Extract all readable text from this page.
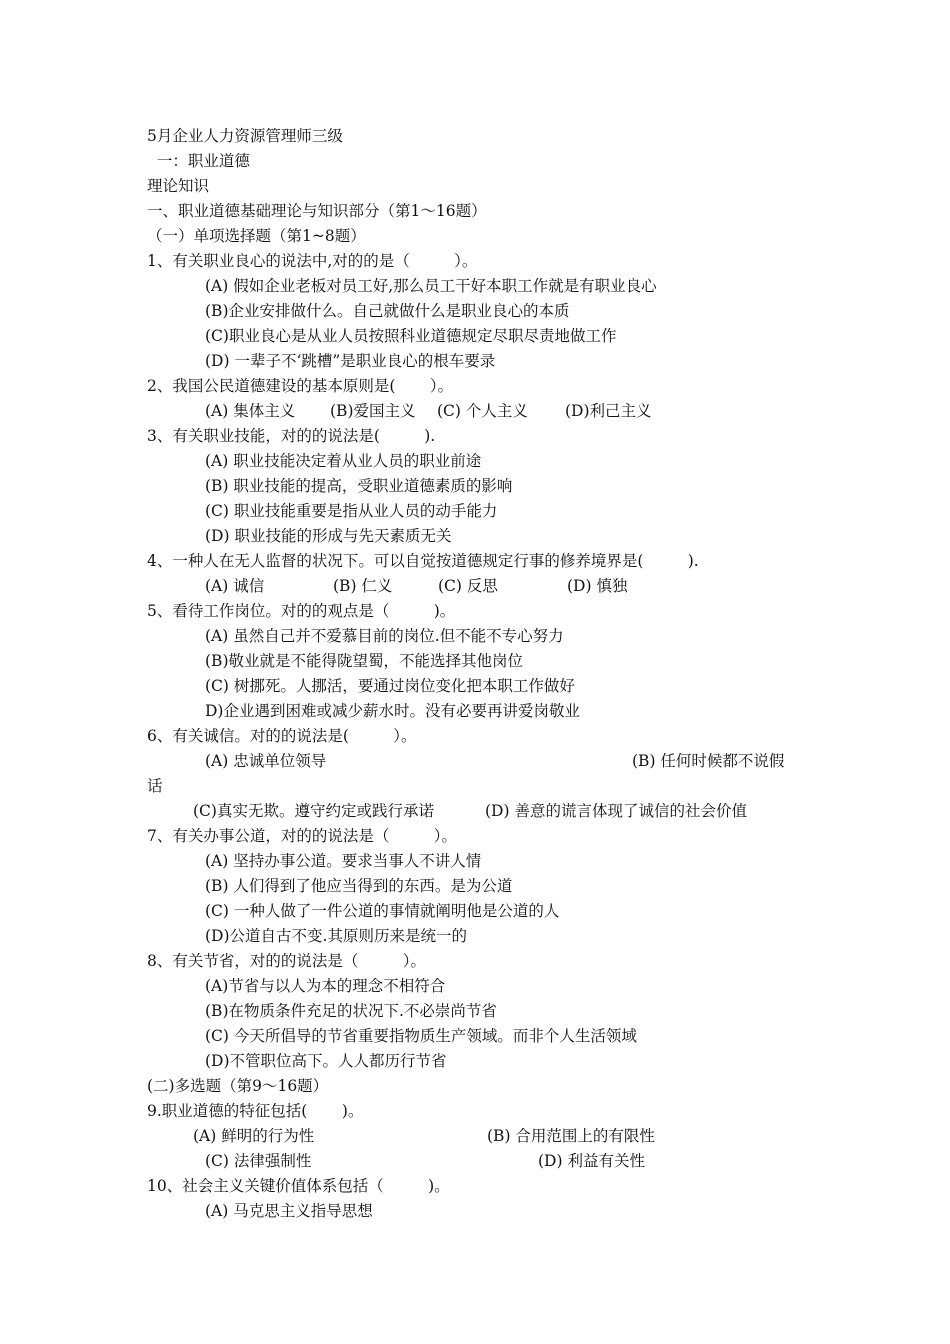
5月企业人力资源管理师三级
一：职业道德
理论知识
一、职业道德基础理论与知识部分（第1～16题）
（一）单项选择题（第1~8题）
1、有关职业良心的说法中,对的的是（         ）。
(A) 假如企业老板对员工好,那么员工干好本职工作就是有职业良心
(B)企业安排做什么。自己就做什么是职业良心的本质
(C)职业良心是从业人员按照科业道德规定尽职尽责地做工作
(D) 一辈子不‘跳槽”是职业良心的根车要录
2、我国公民道德建设的基本原则是(       ）。
(A) 集体主义 (B)爱国主义 (C) 个人主义 (D)利己主义
3、有关职业技能，对的的说法是(         ).
(A) 职业技能决定着从业人员的职业前途
(B) 职业技能的提高，受职业道德素质的影响
(C) 职业技能重要是指从业人员的动手能力
(D) 职业技能的形成与先天素质无关
4、一种人在无人监督的状况下。可以自觉按道德规定行事的修养境界是(         ).
(A) 诚信	(B) 仁义	(C) 反思	(D) 慎独
5、看待工作岗位。对的的观点是（         )。
(A) 虽然自己并不爱慕目前的岗位.但不能不专心努力
(B)敬业就是不能得陇望蜀，不能选择其他岗位
(C) 树挪死。人挪活，要通过岗位变化把本职工作做好
D)企业遇到困难或减少薪水时。没有必要再讲爱岗敬业
6、有关诚信。对的的说法是(         ）。
(A) 忠诚单位领导	(B) 任何时候都不说假
话
(C)真实无欺。遵守约定或践行承诺	(D) 善意的谎言体现了诚信的社会价值
7、有关办事公道，对的的说法是（         ）。
(A) 坚持办事公道。要求当事人不讲人情
(B) 人们得到了他应当得到的东西。是为公道
(C) 一种人做了一件公道的事情就阐明他是公道的人
(D)公道自古不变.其原则历来是统一的
8、有关节省，对的的说法是（         ）。
(A)节省与以人为本的理念不相符合
(B)在物质条件充足的状况下.不必崇尚节省
(C) 今天所倡导的节省重要指物质生产领域。而非个人生活领域
(D)不管职位高下。人人都历行节省
(二)多选题（第9～16题）
9.职业道德的特征包括(       )。
(A) 鲜明的行为性	(B) 合用范围上的有限性
(C) 法律强制性	(D) 利益有关性
10、社会主义关键价值体系包括（         )。
(A) 马克思主义指导思想
